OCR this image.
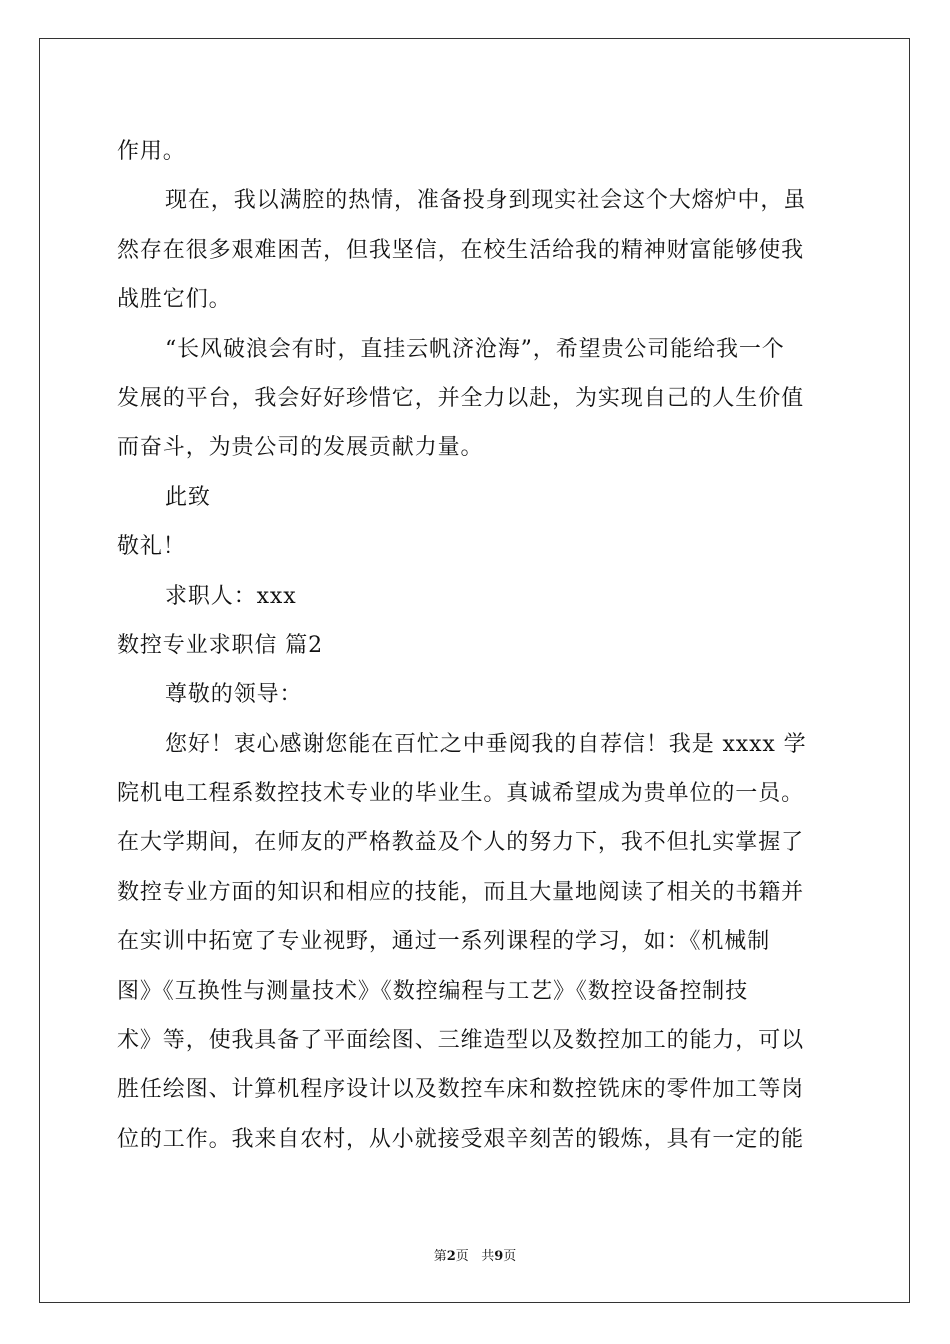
作用。
现在，我以满腔的热情，准备投身到现实社会这个大熔炉中，虽
然存在很多艰难困苦，但我坚信，在校生活给我的精神财富能够使我
战胜它们。
“长风破浪会有时，直挂云帆济沧海”，希望贵公司能给我一个
发展的平台，我会好好珍惜它，并全力以赴，为实现自己的人生价值
而奋斗，为贵公司的发展贡献力量。
此致
敬礼！
求职人：xxx
数控专业求职信 篇2
尊敬的领导：
您好！衷心感谢您能在百忙之中垂阅我的自荐信！我是 xxxx 学
院机电工程系数控技术专业的毕业生。真诚希望成为贵单位的一员。
在大学期间，在师友的严格教益及个人的努力下，我不但扎实掌握了
数控专业方面的知识和相应的技能，而且大量地阅读了相关的书籍并
在实训中拓宽了专业视野，通过一系列课程的学习，如：《机械制
图》《互换性与测量技术》《数控编程与工艺》《数控设备控制技
术》等，使我具备了平面绘图、三维造型以及数控加工的能力，可以
胜任绘图、计算机程序设计以及数控车床和数控铣床的零件加工等岗
位的工作。我来自农村，从小就接受艰辛刻苦的锻炼，具有一定的能
第2页 共9页
